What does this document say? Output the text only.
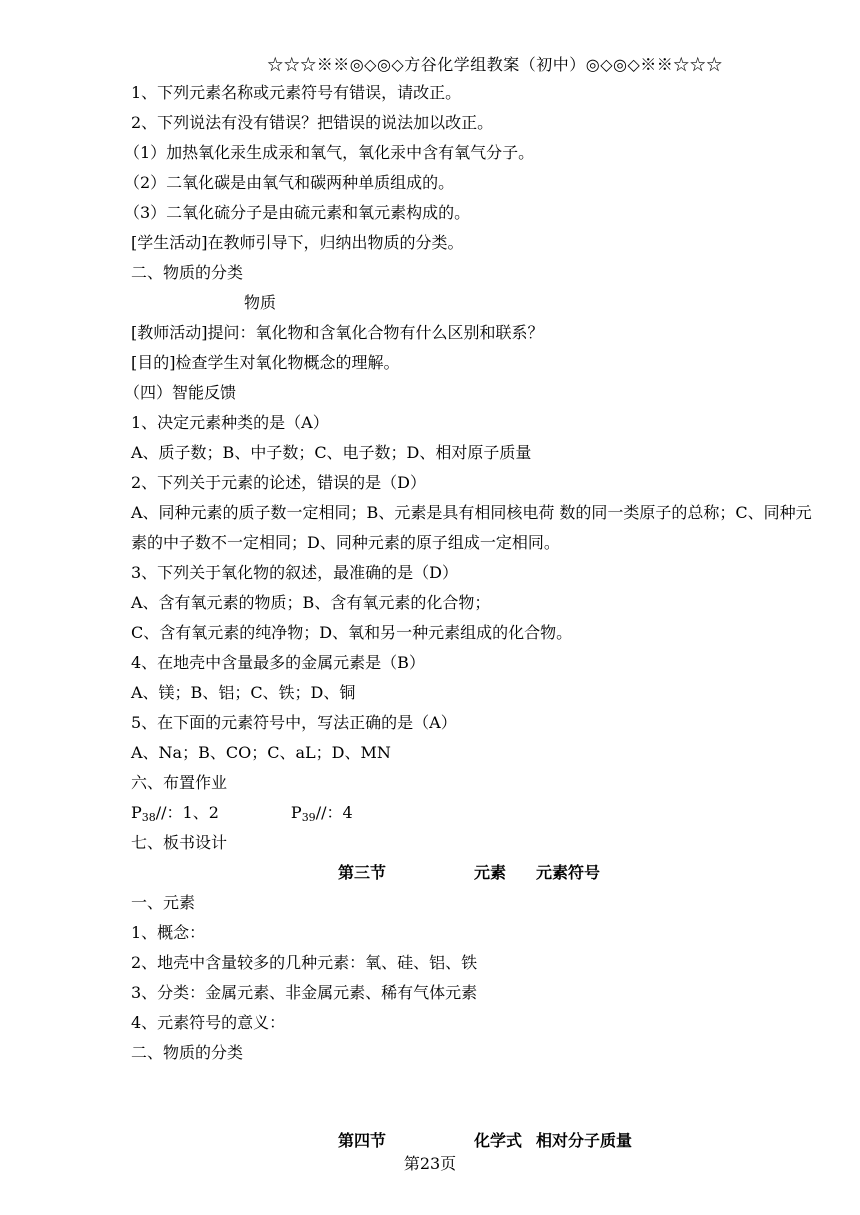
☆☆☆※※◎◇◎◇方谷化学组教案（初中）◎◇◎◇※※☆☆☆
1、下列元素名称或元素符号有错误，请改正。
2、下列说法有没有错误？把错误的说法加以改正。
（1）加热氧化汞生成汞和氧气，氧化汞中含有氧气分子。
（2）二氧化碳是由氧气和碳两种单质组成的。
（3）二氧化硫分子是由硫元素和氧元素构成的。
[学生活动]在教师引导下，归纳出物质的分类。
二、物质的分类
物质
[教师活动]提问：氧化物和含氧化合物有什么区别和联系？
[目的]检查学生对氧化物概念的理解。
（四）智能反馈
1、决定元素种类的是（A）
A、质子数；B、中子数；C、电子数；D、相对原子质量
2、下列关于元素的论述，错误的是（D）
A、同种元素的质子数一定相同；B、元素是具有相同核电荷 数的同一类原子的总称；C、同种元素的中子数不一定相同；D、同种元素的原子组成一定相同。
3、下列关于氧化物的叙述，最准确的是（D）
A、含有氧元素的物质；B、含有氧元素的化合物；
C、含有氧元素的纯净物；D、氧和另一种元素组成的化合物。
4、在地壳中含量最多的金属元素是（B）
A、镁；B、铝；C、铁；D、铜
5、在下面的元素符号中，写法正确的是（A）
A、Na；B、CO；C、aL；D、MN
六、布置作业
$P_{38}//$：1、2	$P_{39}//$：4
七、板书设计
第三节	元素 元素符号
一、元素
1、概念：
2、地壳中含量较多的几种元素：氧、硅、铝、铁
3、分类：金属元素、非金属元素、稀有气体元素
4、元素符号的意义：
二、物质的分类
第四节	化学式 相对分子质量
第23页
